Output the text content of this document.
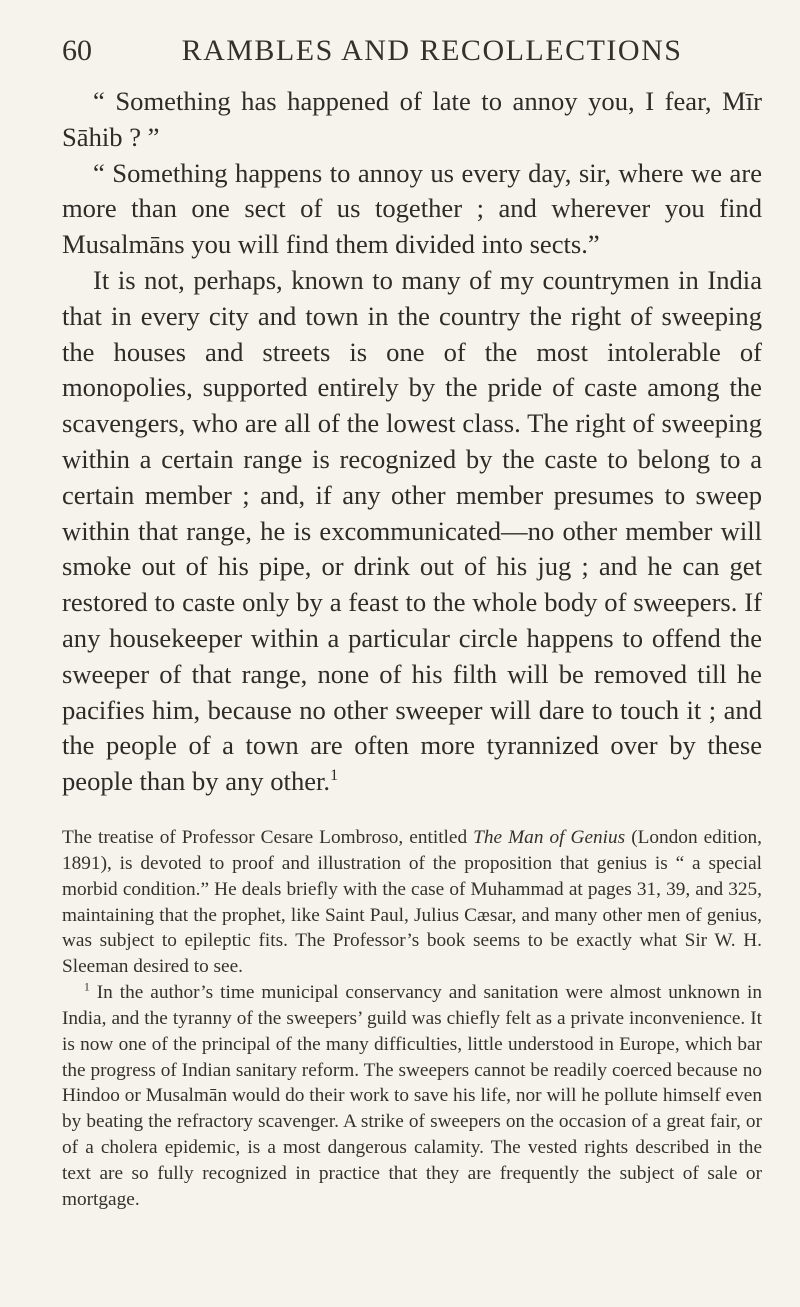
60	RAMBLES AND RECOLLECTIONS

“ Something has happened of late to annoy you, I fear, Mīr Sāhib ? ”

“ Something happens to annoy us every day, sir, where we are more than one sect of us together ; and wherever you find Musalmāns you will find them divided into sects.”

It is not, perhaps, known to many of my countrymen in India that in every city and town in the country the right of sweeping the houses and streets is one of the most intolerable of monopolies, supported entirely by the pride of caste among the scavengers, who are all of the lowest class. The right of sweeping within a certain range is recognized by the caste to belong to a certain member ; and, if any other member presumes to sweep within that range, he is excommunicated—no other member will smoke out of his pipe, or drink out of his jug ; and he can get restored to caste only by a feast to the whole body of sweepers. If any housekeeper within a particular circle happens to offend the sweeper of that range, none of his filth will be removed till he pacifies him, because no other sweeper will dare to touch it ; and the people of a town are often more tyrannized over by these people than by any other.$^1$

The treatise of Professor Cesare Lombroso, entitled The Man of Genius (London edition, 1891), is devoted to proof and illustration of the proposition that genius is “ a special morbid condition.” He deals briefly with the case of Muhammad at pages 31, 39, and 325, maintaining that the prophet, like Saint Paul, Julius Cæsar, and many other men of genius, was subject to epileptic fits. The Professor’s book seems to be exactly what Sir W. H. Sleeman desired to see.

$^1$ In the author’s time municipal conservancy and sanitation were almost unknown in India, and the tyranny of the sweepers’ guild was chiefly felt as a private inconvenience. It is now one of the principal of the many difficulties, little understood in Europe, which bar the progress of Indian sanitary reform. The sweepers cannot be readily coerced because no Hindoo or Musalmān would do their work to save his life, nor will he pollute himself even by beating the refractory scavenger. A strike of sweepers on the occasion of a great fair, or of a cholera epidemic, is a most dangerous calamity. The vested rights described in the text are so fully recognized in practice that they are frequently the subject of sale or mortgage.
